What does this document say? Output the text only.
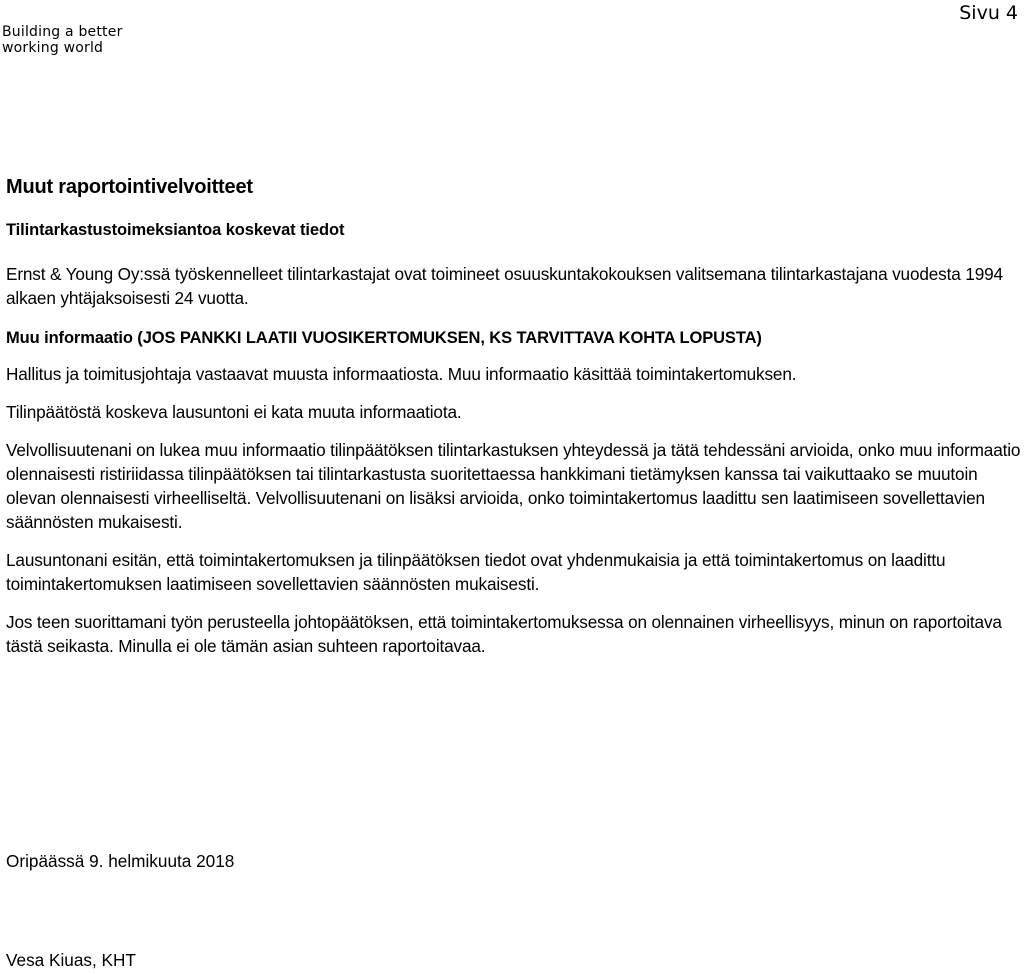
Building a better
working world
Sivu 4
Muut raportointivelvoitteet
Tilintarkastustoimeksiantoa koskevat tiedot

Ernst & Young Oy:ssä työskennelleet tilintarkastajat ovat toimineet osuuskuntakokouksen valitsemana tilintarkastajana vuodesta 1994 alkaen yhtäjaksoisesti 24 vuotta.

Muu informaatio (JOS PANKKI LAATII VUOSIKERTOMUKSEN, KS TARVITTAVA KOHTA LOPUSTA)

Hallitus ja toimitusjohtaja vastaavat muusta informaatiosta. Muu informaatio käsittää toimintakertomuksen.

Tilinpäätöstä koskeva lausuntoni ei kata muuta informaatiota.

Velvollisuutenani on lukea muu informaatio tilinpäätöksen tilintarkastuksen yhteydessä ja tätä tehdessäni arvioida, onko muu informaatio olennaisesti ristiriidassa tilinpäätöksen tai tilintarkastusta suoritettaessa hankkimani tietämyksen kanssa tai vaikuttaako se muutoin olevan olennaisesti virheelliseltä. Velvollisuutenani on lisäksi arvioida, onko toimintakertomus laadittu sen laatimiseen sovellettavien säännösten mukaisesti.

Lausuntonani esitän, että toimintakertomuksen ja tilinpäätöksen tiedot ovat yhdenmukaisia ja että toimintakertomus on laadittu toimintakertomuksen laatimiseen sovellettavien säännösten mukaisesti.

Jos teen suorittamani työn perusteella johtopäätöksen, että toimintakertomuksessa on olennainen virheellisyys, minun on raportoitava tästä seikasta. Minulla ei ole tämän asian suhteen raportoitavaa.

Oripäässä 9. helmikuuta 2018
Vesa Kiuas, KHT
